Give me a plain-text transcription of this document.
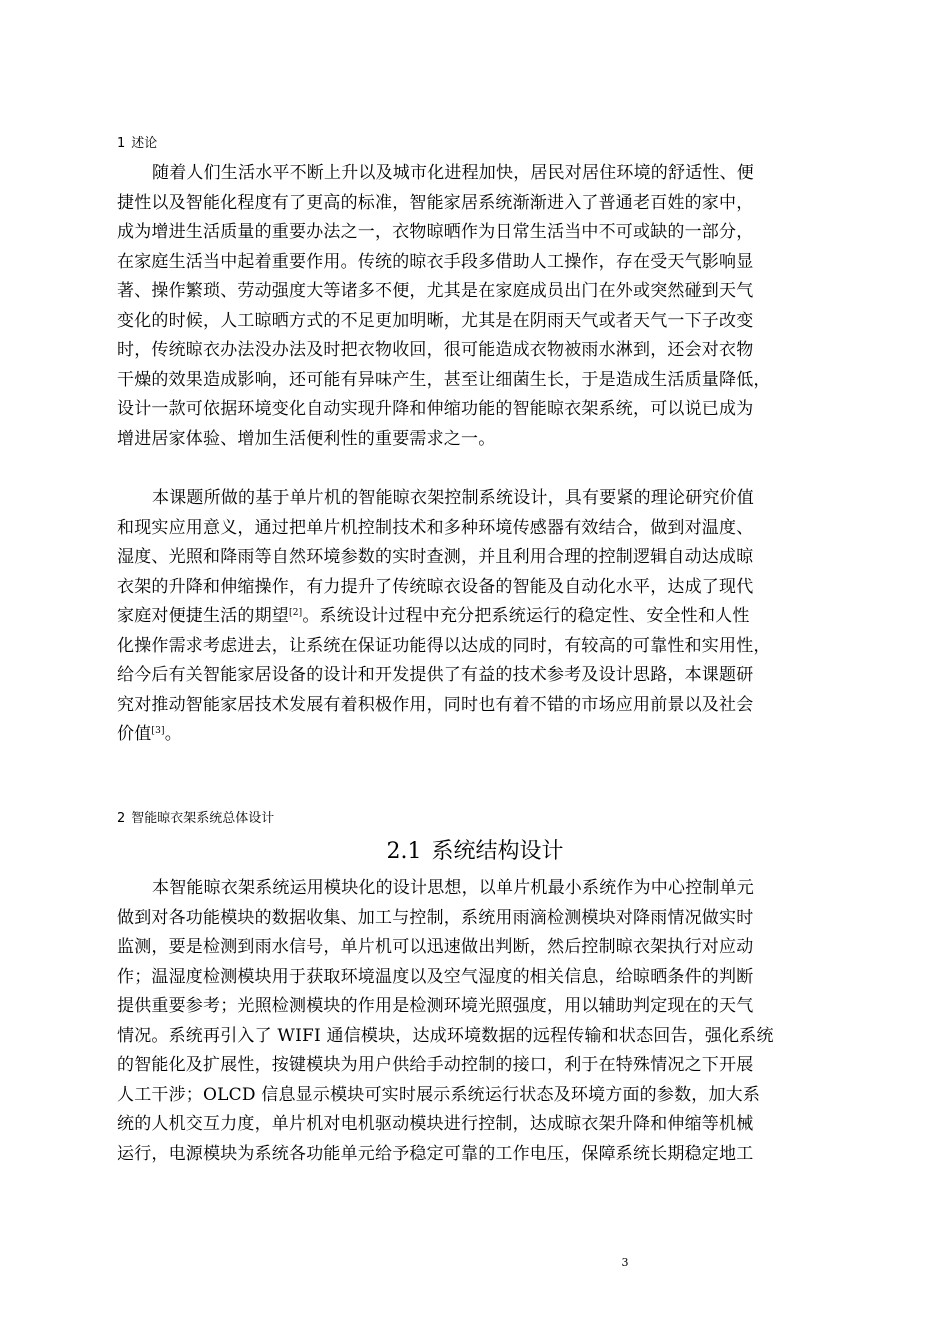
1 述论
随着人们生活水平不断上升以及城市化进程加快，居民对居住环境的舒适性、便
捷性以及智能化程度有了更高的标准，智能家居系统渐渐进入了普通老百姓的家中，
成为增进生活质量的重要办法之一，衣物晾晒作为日常生活当中不可或缺的一部分，
在家庭生活当中起着重要作用。传统的晾衣手段多借助人工操作，存在受天气影响显
著、操作繁琐、劳动强度大等诸多不便，尤其是在家庭成员出门在外或突然碰到天气
变化的时候，人工晾晒方式的不足更加明晰，尤其是在阴雨天气或者天气一下子改变
时，传统晾衣办法没办法及时把衣物收回，很可能造成衣物被雨水淋到，还会对衣物
干燥的效果造成影响，还可能有异味产生，甚至让细菌生长，于是造成生活质量降低，
设计一款可依据环境变化自动实现升降和伸缩功能的智能晾衣架系统，可以说已成为
增进居家体验、增加生活便利性的重要需求之一。
本课题所做的基于单片机的智能晾衣架控制系统设计，具有要紧的理论研究价值
和现实应用意义，通过把单片机控制技术和多种环境传感器有效结合，做到对温度、
湿度、光照和降雨等自然环境参数的实时查测，并且利用合理的控制逻辑自动达成晾
衣架的升降和伸缩操作，有力提升了传统晾衣设备的智能及自动化水平，达成了现代
家庭对便捷生活的期望[2]。系统设计过程中充分把系统运行的稳定性、安全性和人性
化操作需求考虑进去，让系统在保证功能得以达成的同时，有较高的可靠性和实用性，
给今后有关智能家居设备的设计和开发提供了有益的技术参考及设计思路，本课题研
究对推动智能家居技术发展有着积极作用，同时也有着不错的市场应用前景以及社会
价值[3]。
2 智能晾衣架系统总体设计
2.1 系统结构设计
本智能晾衣架系统运用模块化的设计思想，以单片机最小系统作为中心控制单元
做到对各功能模块的数据收集、加工与控制，系统用雨滴检测模块对降雨情况做实时
监测，要是检测到雨水信号，单片机可以迅速做出判断，然后控制晾衣架执行对应动
作；温湿度检测模块用于获取环境温度以及空气湿度的相关信息，给晾晒条件的判断
提供重要参考；光照检测模块的作用是检测环境光照强度，用以辅助判定现在的天气
情况。系统再引入了 WIFI 通信模块，达成环境数据的远程传输和状态回告，强化系统
的智能化及扩展性，按键模块为用户供给手动控制的接口，利于在特殊情况之下开展
人工干涉；OLCD 信息显示模块可实时展示系统运行状态及环境方面的参数，加大系
统的人机交互力度，单片机对电机驱动模块进行控制，达成晾衣架升降和伸缩等机械
运行，电源模块为系统各功能单元给予稳定可靠的工作电压，保障系统长期稳定地工
3
